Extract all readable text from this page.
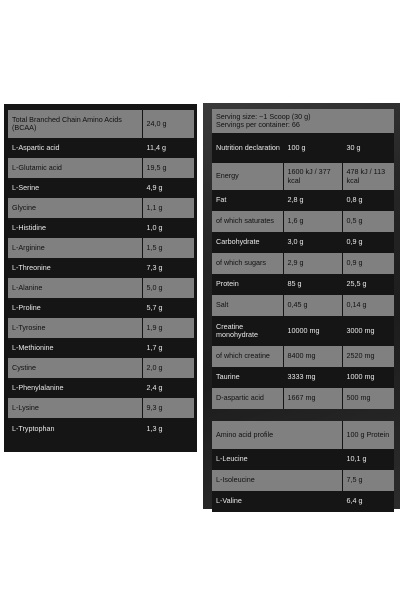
Total Branched Chain Amino Acids (BCAA)	24,0 g
L-Aspartic acid	11,4 g
L-Glutamic acid	19,5 g
L-Serine	4,9 g
Glycine	1,1 g
L-Histidine	1,0 g
L-Arginine	1,5 g
L-Threonine	7,3 g
L-Alanine	5,0 g
L-Proline	5,7 g
L-Tyrosine	1,9 g
L-Methionine	1,7 g
Cystine	2,0 g
L-Phenylalanine	2,4 g
L-Lysine	9,3 g
L-Tryptophan	1,3 g
Serving size: ~1 Scoop (30 g)
Servings per container: 66		

Nutrition declaration	100 g	30 g
Energy	1600 kJ / 377 kcal	478 kJ / 113 kcal
Fat	2,8 g	0,8 g
of which saturates	1,6 g	0,5 g
Carbohydrate	3,0 g	0,9 g
of which sugars	2,9 g	0,9 g
Protein	85 g	25,5 g
Salt	0,45 g	0,14 g
Creatine monohydrate	10000 mg	3000 mg
of which creatine	8400 mg	2520 mg
Taurine	3333 mg	1000 mg
D-aspartic acid	1667 mg	500 mg
Amino acid profile	100 g Protein
L-Leucine	10,1 g
L-Isoleucine	7,5 g
L-Valine	6,4 g
